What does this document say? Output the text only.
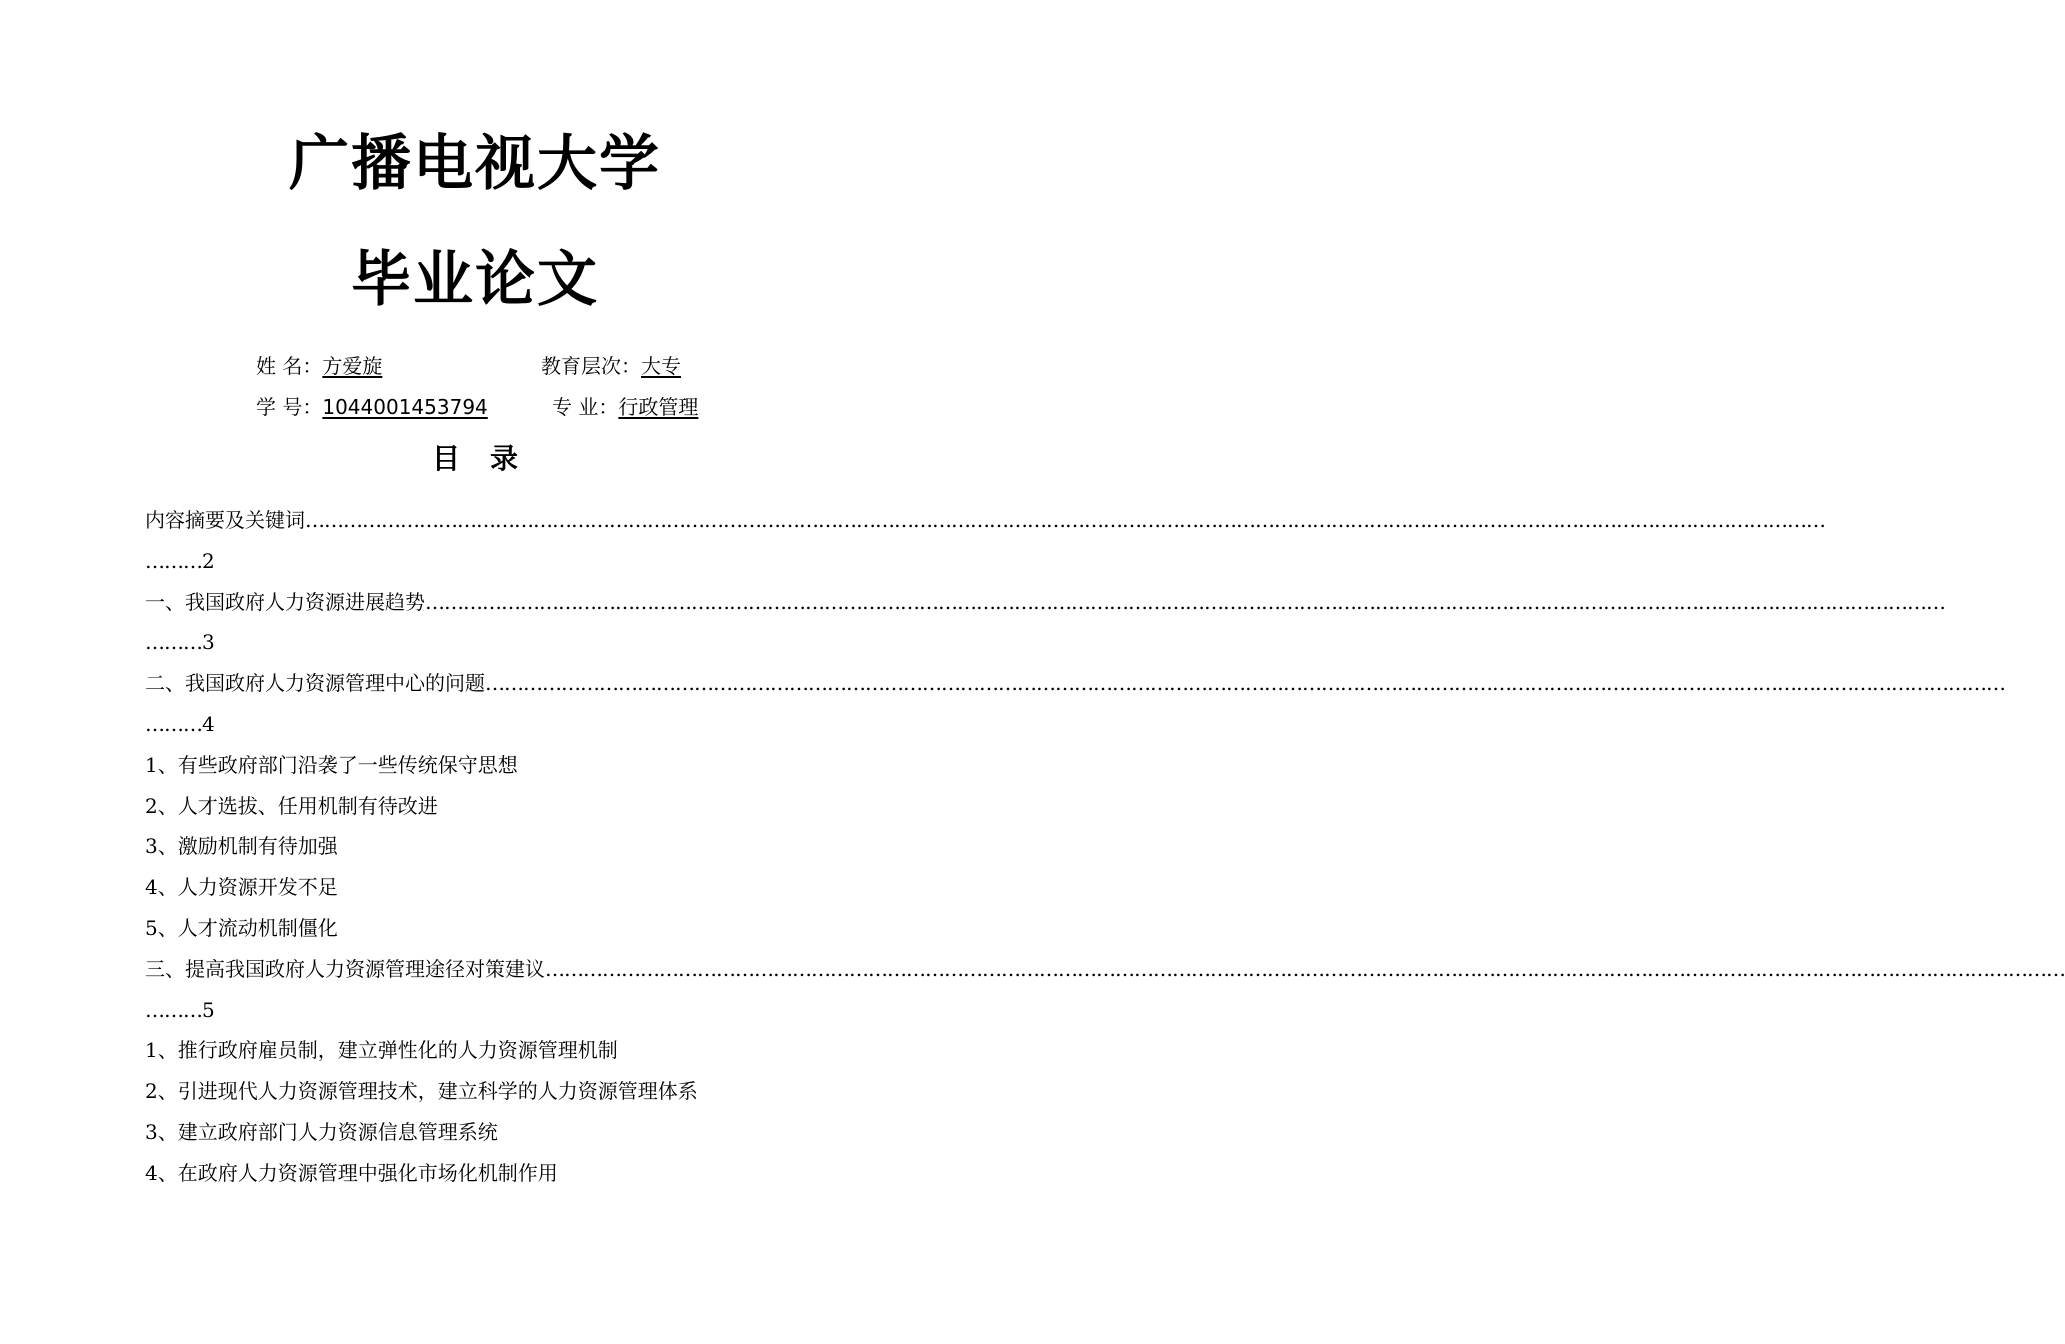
广播电视大学
毕业论文
姓 名：方爱旋	教育层次：大专
学 号：1044001453794	专 业：行政管理
目录
内容摘要及关键词……………………………………………………………………………………………………………………………………………………………………………………………………………………
………2
一、我国政府人力资源进展趋势……………………………………………………………………………………………………………………………………………………………………………………………………………………
………3
二、我国政府人力资源管理中心的问题……………………………………………………………………………………………………………………………………………………………………………………………………………………
………4
1、有些政府部门沿袭了一些传统保守思想
2、人才选拔、任用机制有待改进
3、激励机制有待加强
4、人力资源开发不足
5、人才流动机制僵化
三、提高我国政府人力资源管理途径对策建议……………………………………………………………………………………………………………………………………………………………………………………………………………………
………5
1、推行政府雇员制，建立弹性化的人力资源管理机制
2、引进现代人力资源管理技术，建立科学的人力资源管理体系
3、建立政府部门人力资源信息管理系统
4、在政府人力资源管理中强化市场化机制作用
